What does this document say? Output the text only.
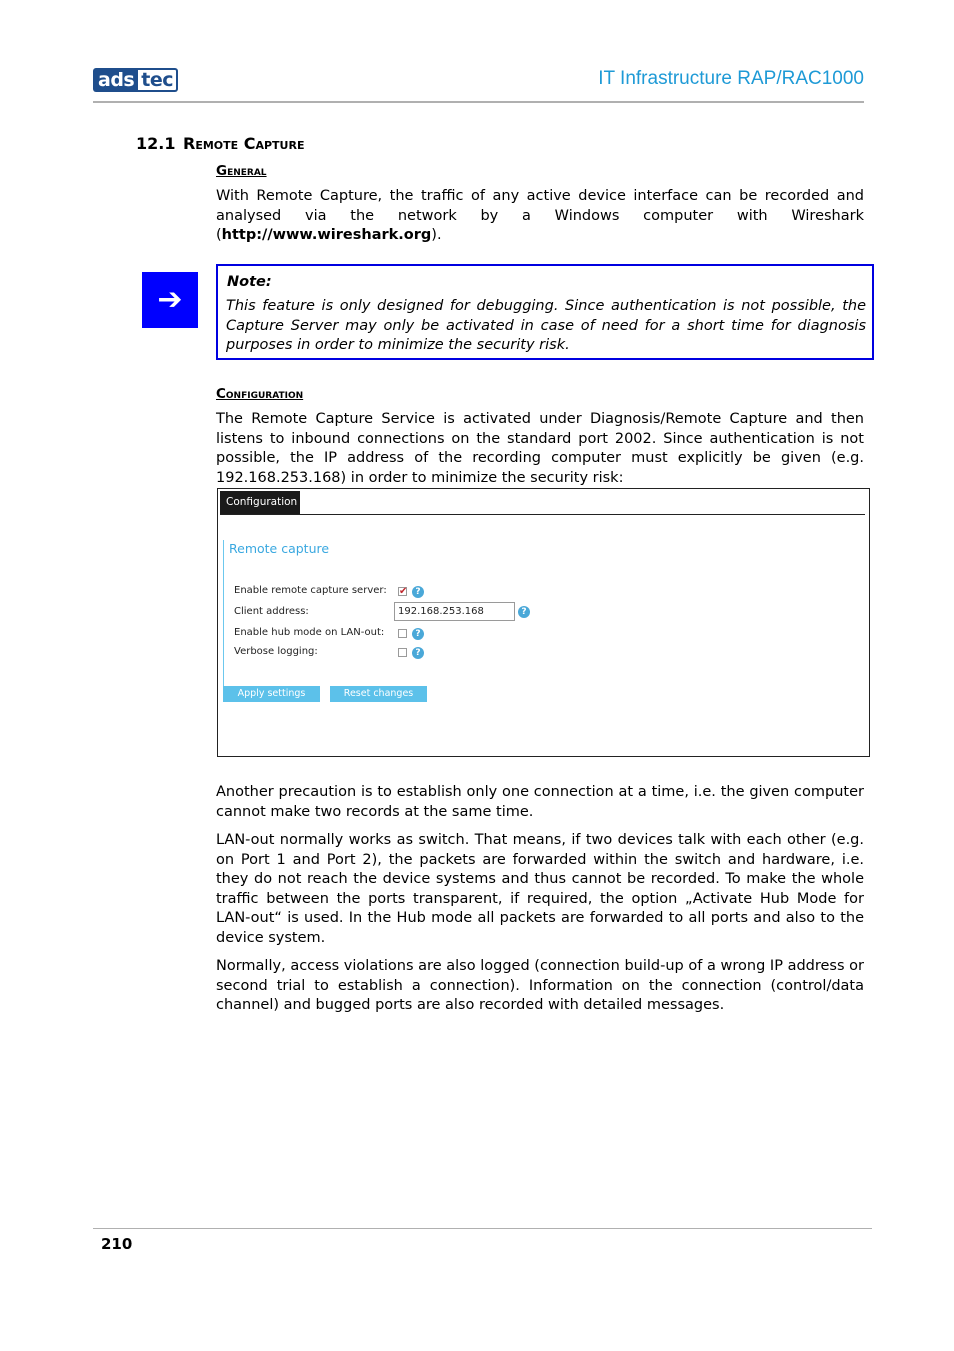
ads tec	IT Infrastructure RAP/RAC1000
12.1 Remote Capture
General
With Remote Capture, the traffic of any active device interface can be recorded and analysed via the network by a Windows computer with Wireshark (http://www.wireshark.org).
➔	Note:
This feature is only designed for debugging. Since authentication is not possible, the Capture Server may only be activated in case of need for a short time for diagnosis purposes in order to minimize the security risk.
Configuration
The Remote Capture Service is activated under Diagnosis/Remote Capture and then listens to inbound connections on the standard port 2002. Since authentication is not possible, the IP address of the recording computer must explicitly be given (e.g. 192.168.253.168) in order to minimize the security risk:
Configuration
Remote capture
Enable remote capture server: ✔ ?
Client address:	192.168.253.168	?
Enable hub mode on LAN-out:	?
Verbose logging:	?
Apply settings	Reset changes
Another precaution is to establish only one connection at a time, i.e. the given computer cannot make two records at the same time.
LAN-out normally works as switch. That means, if two devices talk with each other (e.g. on Port 1 and Port 2), the packets are forwarded within the switch and hardware, i.e. they do not reach the device systems and thus cannot be recorded. To make the whole traffic between the ports transparent, if required, the option „Activate Hub Mode for LAN-out“ is used. In the Hub mode all packets are forwarded to all ports and also to the device system.
Normally, access violations are also logged (connection build-up of a wrong IP address or second trial to establish a connection). Information on the connection (control/data channel) and bugged ports are also recorded with detailed messages.
210
